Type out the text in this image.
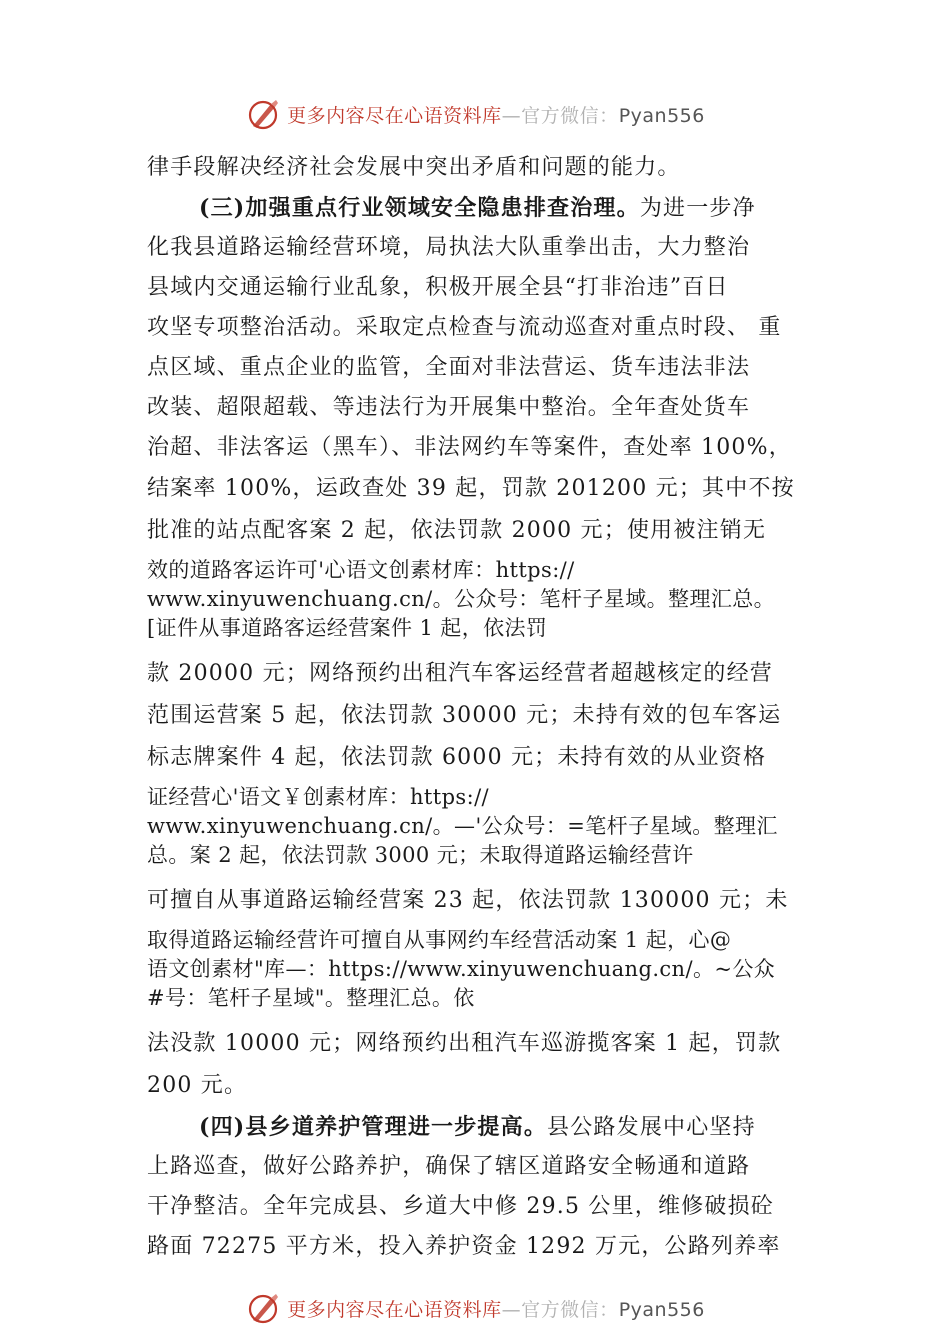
更多内容尽在心语资料库—官方微信：Pyan556
律手段解决经济社会发展中突出矛盾和问题的能力。
(三)加强重点行业领域安全隐患排查治理。为进一步净
化我县道路运输经营环境，局执法大队重拳出击，大力整治
县域内交通运输行业乱象，积极开展全县“打非治违”百日
攻坚专项整治活动。采取定点检查与流动巡查对重点时段、 重
点区域、重点企业的监管，全面对非法营运、货车违法非法
改装、超限超载、等违法行为开展集中整治。全年查处货车
治超、非法客运（黑车）、非法网约车等案件，查处率 100%，
结案率 100%，运政查处 39 起，罚款 201200 元；其中不按
批准的站点配客案 2 起，依法罚款 2000 元；使用被注销无
效的道路客运许可'心语文创素材库：https://
www.xinyuwenchuang.cn/。公众号：笔杆子星域。整理汇总。
[证件从事道路客运经营案件 1 起，依法罚
款 20000 元；网络预约出租汽车客运经营者超越核定的经营
范围运营案 5 起，依法罚款 30000 元；未持有效的包车客运
标志牌案件 4 起，依法罚款 6000 元；未持有效的从业资格
证经营心'语文￥创素材库：https://
www.xinyuwenchuang.cn/。—'公众号：=笔杆子星域。整理汇
总。案 2 起，依法罚款 3000 元；未取得道路运输经营许
可擅自从事道路运输经营案 23 起，依法罚款 130000 元；未
取得道路运输经营许可擅自从事网约车经营活动案 1 起，心@
语文创素材"库—：https://www.xinyuwenchuang.cn/。~公众
#号：笔杆子星域"。整理汇总。依
法没款 10000 元；网络预约出租汽车巡游揽客案 1 起，罚款
200 元。
(四)县乡道养护管理进一步提高。县公路发展中心坚持
上路巡查，做好公路养护，确保了辖区道路安全畅通和道路
干净整洁。全年完成县、乡道大中修 29.5 公里，维修破损砼
路面 72275 平方米，投入养护资金 1292 万元，公路列养率
更多内容尽在心语资料库—官方微信：Pyan556
